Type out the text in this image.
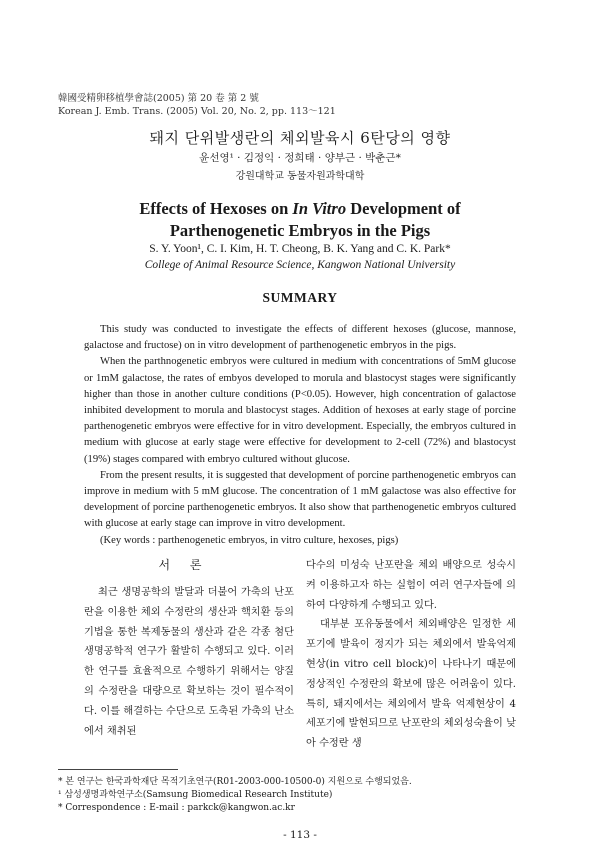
韓國受精卵移植學會誌(2005) 第 20 卷 第 2 號
Korean J. Emb. Trans. (2005) Vol. 20, No. 2, pp. 113～121
돼지 단위발생란의 체외발육시 6탄당의 영향
윤선영¹ · 김정익 · 정희태 · 양부근 · 박춘근*
강원대학교 동물자원과학대학
Effects of Hexoses on In Vitro Development of
Parthenogenetic Embryos in the Pigs
S. Y. Yoon¹, C. I. Kim, H. T. Cheong, B. K. Yang and C. K. Park*
College of Animal Resource Science, Kangwon National University
SUMMARY

This study was conducted to investigate the effects of different hexoses (glucose, mannose, galactose and fructose) on in vitro development of parthenogenetic embryos in the pigs.

When the parthnogenetic embryos were cultured in medium with concentrations of 5mM glucose or 1mM galactose, the rates of embyos developed to morula and blastocyst stages were significantly higher than those in another culture conditions (P<0.05). However, high concentration of galactose inhibited development to morula and blastocyst stages. Addition of hexoses at early stage of porcine parthenogenetic embryos were effective for in vitro development. Especially, the embryos cultured in medium with glucose at early stage were effective for development to 2-cell (72%) and blastocyst (19%) stages compared with embryo cultured without glucose.

From the present results, it is suggested that development of porcine parthenogenetic embryos can improve in medium with 5 mM glucose. The concentration of 1 mM galactose was also effective for development of porcine parthenogenetic embryos. It also show that parthenogenetic embryos cultured with glucose at early stage can improve in vitro development.

(Key words : parthenogenetic embryos, in vitro culture, hexoses, pigs)

서 론

최근 생명공학의 발달과 더불어 가축의 난포란을 이용한 체외 수정란의 생산과 핵치환 등의 기법을 통한 복제동물의 생산과 같은 각종 첨단 생명공학적 연구가 활발히 수행되고 있다. 이러한 연구를 효율적으로 수행하기 위해서는 양질의 수정란을 대량으로 확보하는 것이 필수적이다. 이를 해결하는 수단으로 도축된 가축의 난소에서 채취된

다수의 미성숙 난포란을 체외 배양으로 성숙시켜 이용하고자 하는 실험이 여러 연구자들에 의하여 다양하게 수행되고 있다.

대부분 포유동물에서 체외배양은 일정한 세포기에 발육이 정지가 되는 체외에서 발육억제 현상(in vitro cell block)이 나타나기 때문에 정상적인 수정란의 확보에 많은 어려움이 있다. 특히, 돼지에서는 체외에서 발육 억제현상이 4 세포기에 발현되므로 난포란의 체외성숙율이 낮아 수정란 생

* 본 연구는 한국과학재단 목적기초연구(R01-2003-000-10500-0) 지원으로 수행되었음.
¹ 삼성생명과학연구소(Samsung Biomedical Research Institute)
* Correspondence : E-mail : parkck@kangwon.ac.kr
- 113 -
